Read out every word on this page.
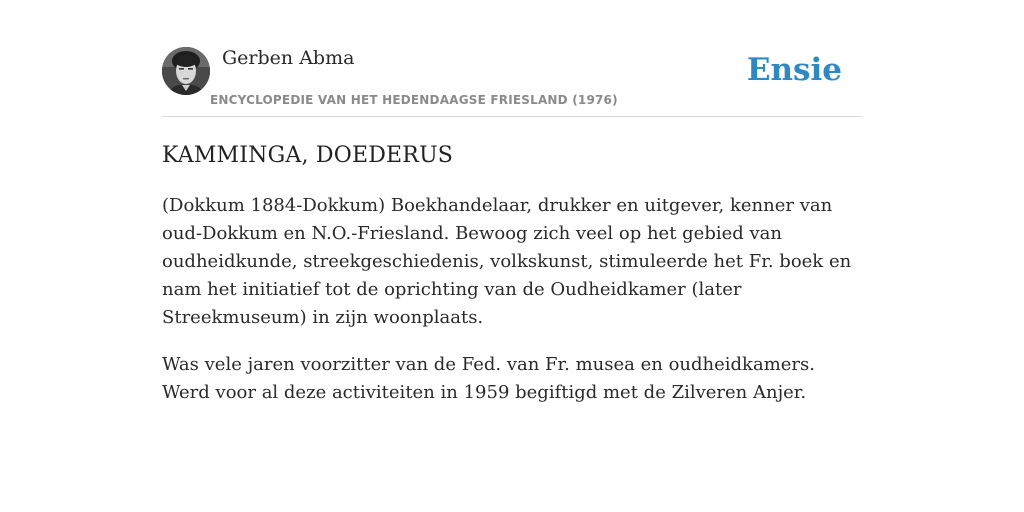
Gerben Abma
ENCYCLOPEDIE VAN HET HEDENDAAGSE FRIESLAND (1976)
Ensie
KAMMINGA, DOEDERUS

(Dokkum 1884-Dokkum) Boekhandelaar, drukker en uitgever, kenner van oud-Dokkum en N.O.-Friesland. Bewoog zich veel op het gebied van oudheidkunde, streekgeschiedenis, volkskunst, stimuleerde het Fr. boek en nam het initiatief tot de oprichting van de Oudheidkamer (later Streekmuseum) in zijn woonplaats.

Was vele jaren voorzitter van de Fed. van Fr. musea en oudheidkamers. Werd voor al deze activiteiten in 1959 begiftigd met de Zilveren Anjer.
